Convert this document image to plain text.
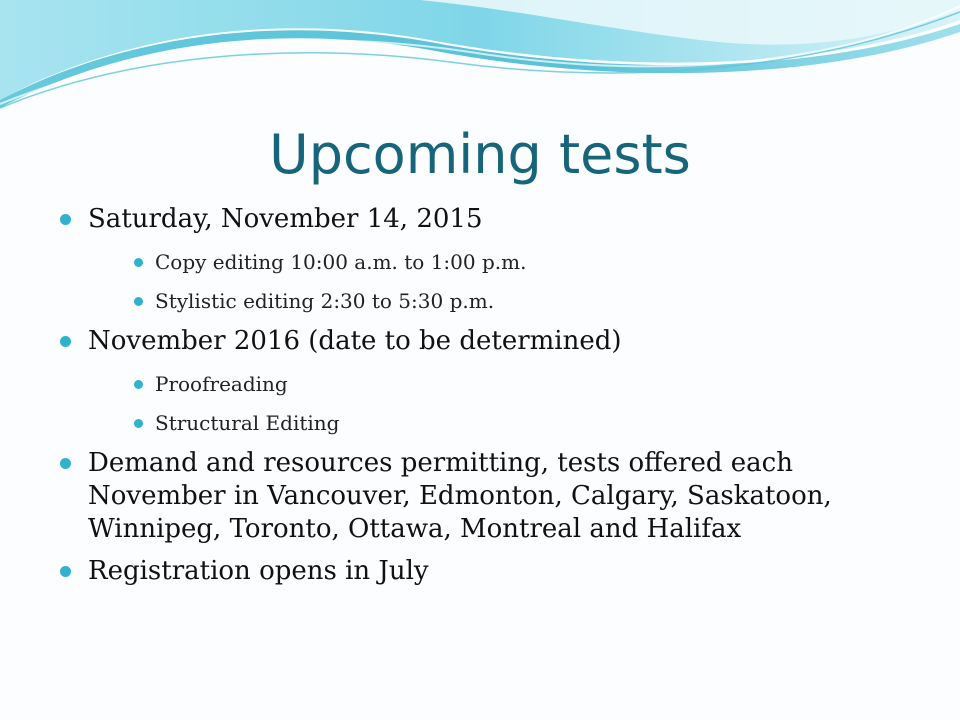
Upcoming tests
Saturday, November 14, 2015
Copy editing 10:00 a.m. to 1:00 p.m.
Stylistic editing 2:30 to 5:30 p.m.
November 2016 (date to be determined)
Proofreading
Structural Editing
Demand and resources permitting, tests offered each November in Vancouver, Edmonton, Calgary, Saskatoon, Winnipeg, Toronto, Ottawa, Montreal and Halifax
Registration opens in July
